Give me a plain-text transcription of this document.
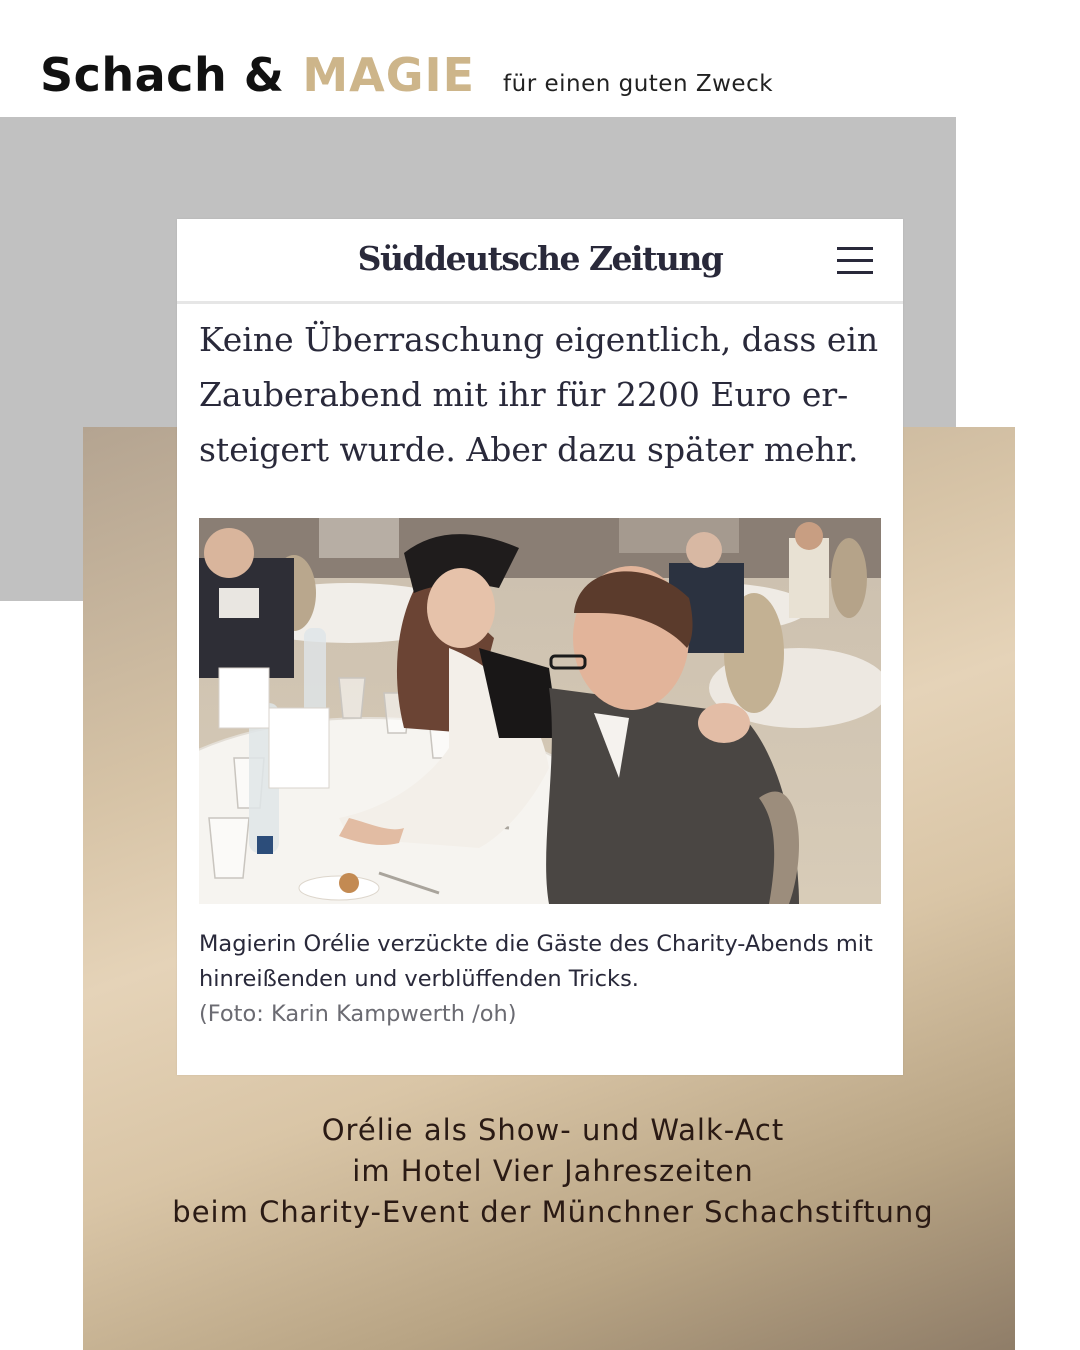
Schach & MAGIE für einen guten Zweck
Süddeutsche Zeitung
Keine Überraschung eigentlich, dass ein Zauberabend mit ihr für 2200 Euro er- steigert wurde. Aber dazu später mehr.
Magierin Orélie verzückte die Gäste des Charity-Abends mit hinreißenden und verblüffenden Tricks.
(Foto: Karin Kampwerth /oh)
Orélie als Show- und Walk-Act
im Hotel Vier Jahreszeiten
beim Charity-Event der Münchner Schachstiftung
